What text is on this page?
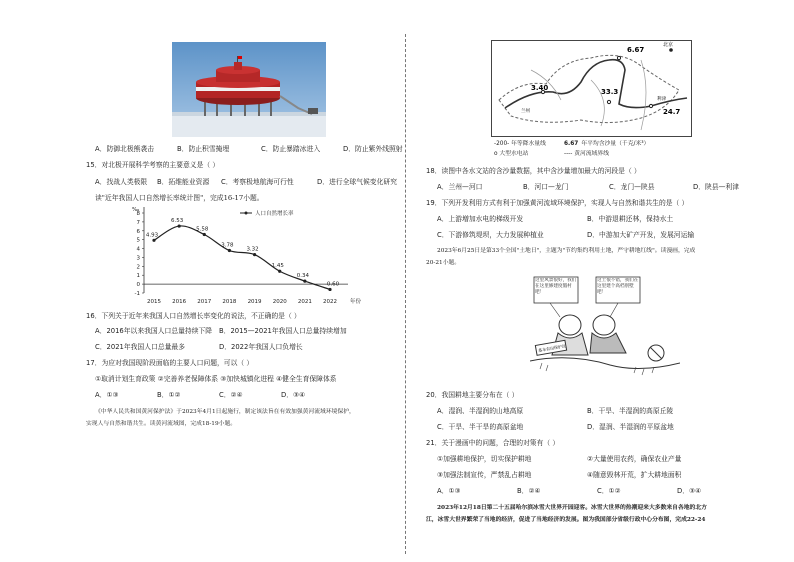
A．防御北极熊袭击	B．防止积雪掩埋	C．防止暴踏冰进入	D．防止紫外线照射
15．对北极开展科学考察的主要意义是（ ）
A．找战人类极限	B．拓维能业资源	C．考察极地航海可行性	D．进行全球气候变化研究
读"近年我国人口自然增长率统计图"，完成16-17小题。
-1
0
1
2
3
4
5
6
7
8
‰
2015 2016 2017 2018 2019 2020 2021 2022 年份
4.93
6.53
5.58
3.78
3.32
1.45
0.34
-0.60
人口自然增长率
16．下列关于近年来我国人口自然增长率变化的说法，不正确的是（ ）
A．2016年以来我国人口总量持续下降	B．2015—2021年我国人口总量持续增加
C．2021年我国人口总量最多	D．2022年我国人口负增长
17．为应对我国现阶段面临的主要人口问题，可以（ ）
①取消计划生育政策 ②完善养老保障体系 ③加快城镇化进程 ④健全生育保障体系
A．①③	B．①②	C．②④	D．③④
《中华人民共和国黄河保护法》于2023年4月1日起施行，制定该法旨在有效加强黄河流域环境保护，
实现人与自然和谐共生。读黄河流域图，完成18-19小题。
6.67
3.40	33.3
24.7
北京
兰州
利津
-200- 年等降水量线	6.67 年平均含沙量（千克/米³）
o 大型水电站	---- 黄河流域界线
18．读图中各水文站的含沙量数据，其中含沙量增加最大的河段是（ ）
A．兰州—河口	B．河口—龙门	C．龙门—陕县	D．陕县—利津
19．下列开发利用方式有利于加强黄河流域环境保护，实现人与自然和谐共生的是（ ）
A．上游増加水电的梯级开发	B．中游退耕还林，保持水土
C．下游修筑堤坝，大力发展种植业	D．中游加大矿产开发，发展河运输
2023年6月25日是第33个全国"土地日"，主题为"节约集约利用土地，严守耕地红线"。读漫画，完成
20-21小题。
这里风景很好，我们在这里修建度假村吧！
这土很不错，我们在这里建个高档别墅吧！
基本农田保护区
20．我国耕地主要分布在（ ）
A．湿润、半湿润的山地高原	B．干旱、半湿润的高原丘陵
C．干旱、半干旱的高原盆地	D．湿润、半湿润的平原盆地
21．关于漫画中的问题，合理的对策有（ ）
①加强耕地保护，切实保护耕地	②大量使用农药，确保农业产量
③加强法制宣传，严禁乱占耕地	④随意毁林开荒，扩大耕地面积
A．①③	B．②④	C．①②	D．③④
2023年12月18日第二十五届哈尔滨冰雪大世界开园迎客。冰雪大世界的热潮迎来大多数来自各地的北方
江，冰雪大世界繁荣了当地的经济，促进了当地经济的发展。图为我国部分省级行政中心分布图，完成22-24
